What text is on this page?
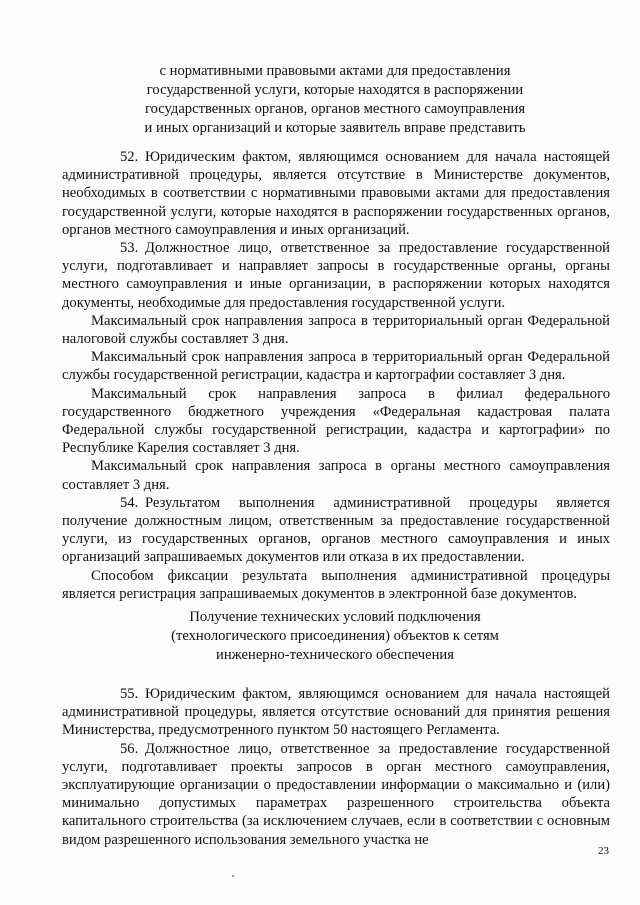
с нормативными правовыми актами для предоставления
государственной услуги, которые находятся в распоряжении
государственных органов, органов местного самоуправления
и иных организаций и которые заявитель вправе представить

52. Юридическим фактом, являющимся основанием для начала настоящей административной процедуры, является отсутствие в Министерстве документов, необходимых в соответствии с нормативными правовыми актами для предоставления государственной услуги, которые находятся в распоряжении государственных органов, органов местного самоуправления и иных организаций.

53. Должностное лицо, ответственное за предоставление государственной услуги, подготавливает и направляет запросы в государственные органы, органы местного самоуправления и иные организации, в распоряжении которых находятся документы, необходимые для предоставления государственной услуги.

Максимальный срок направления запроса в территориальный орган Федеральной налоговой службы составляет 3 дня.

Максимальный срок направления запроса в территориальный орган Федеральной службы государственной регистрации, кадастра и картографии составляет 3 дня.

Максимальный срок направления запроса в филиал федерального государственного бюджетного учреждения «Федеральная кадастровая палата Федеральной службы государственной регистрации, кадастра и картографии» по Республике Карелия составляет 3 дня.

Максимальный срок направления запроса в органы местного самоуправления составляет 3 дня.

54. Результатом выполнения административной процедуры является получение должностным лицом, ответственным за предоставление государственной услуги, из государственных органов, органов местного самоуправления и иных организаций запрашиваемых документов или отказа в их предоставлении.

Способом фиксации результата выполнения административной процедуры является регистрация запрашиваемых документов в электронной базе документов.

Получение технических условий подключения
(технологического присоединения) объектов к сетям
инженерно-технического обеспечения

55. Юридическим фактом, являющимся основанием для начала настоящей административной процедуры, является отсутствие оснований для принятия решения Министерства, предусмотренного пунктом 50 настоящего Регламента.

56. Должностное лицо, ответственное за предоставление государственной услуги, подготавливает проекты запросов в орган местного самоуправления, эксплуатирующие организации о предоставлении информации о максимально и (или) минимально допустимых параметрах разрешенного строительства объекта капитального строительства (за исключением случаев, если в соответствии с основным видом разрешенного использования земельного участка не

23
